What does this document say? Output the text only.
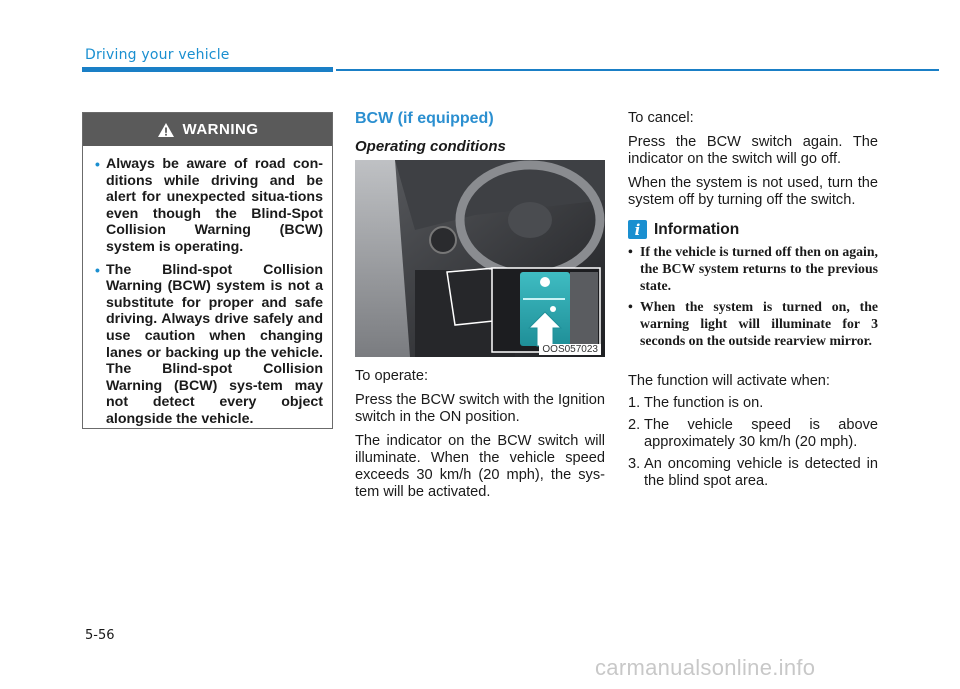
Driving your vehicle
WARNING
• Always be aware of road con-ditions while driving and be alert for unexpected situa-tions even though the Blind-Spot Collision Warning (BCW) system is operating.
• The Blind-spot Collision Warning (BCW) system is not a substitute for proper and safe driving. Always drive safely and use caution when changing lanes or backing up the vehicle. The Blind-spot Collision Warning (BCW) sys-tem may not detect every object alongside the vehicle.
BCW (if equipped)
Operating conditions
OOS057023
To operate:
Press the BCW switch with the Ignition switch in the ON position.
The indicator on the BCW switch will illuminate. When the vehicle speed exceeds 30 km/h (20 mph), the sys-tem will be activated.
To cancel:
Press the BCW switch again. The indicator on the switch will go off.
When the system is not used, turn the system off by turning off the switch.
i Information
• If the vehicle is turned off then on again, the BCW system returns to the previous state.
• When the system is turned on, the warning light will illuminate for 3 seconds on the outside rearview mirror.
The function will activate when:
1. The function is on.
2. The vehicle speed is above approximately 30 km/h (20 mph).
3. An oncoming vehicle is detected in the blind spot area.
5-56
carmanualsonline.info
